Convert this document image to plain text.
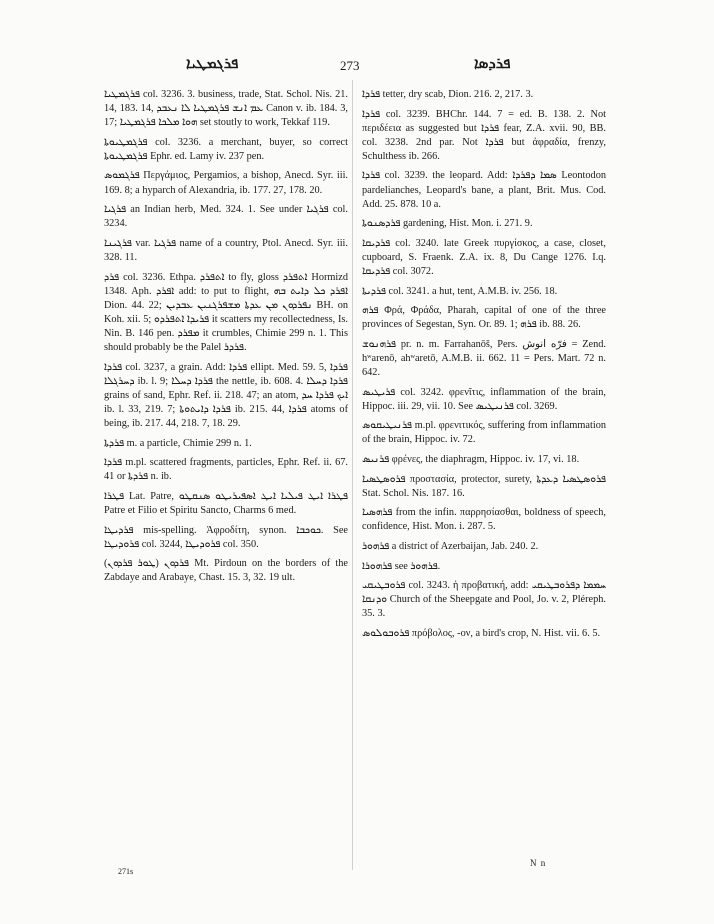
ܦܪܓܡܛܝܐ	273	ܦܪܕܣܐ

ܦܪܓܡܛܝܐ col. 3236. 3. business, trade, Stat. Schol. Nis. 21. 14, 183. 14, ܥܡ ܐܢܫ ܦܪܓܡܛܝܐ ܠܐ ܢܥܒܕ Canon v. ib. 184. 3, 17; ܗܘܐ ܡܠܟܐ ܦܪܓܡܛܝܐ set stoutly to work, Tekkaf 119.

ܦܪܓܡܛܝܘܬܐ col. 3236. a merchant, buyer, so correct ܦܪܓܡܛܝܘܬܐ Ephr. ed. Lamy iv. 237 pen.

ܦܪܓܡܘܣ Περγάμιος, Pergamios, a bishop, Anecd. Syr. iii. 169. 8; a hyparch of Alexandria, ib. 177. 27, 178. 20.

ܦܪܓܝܐ an Indian herb, Med. 324. 1. See under ܦܪܓܝܐ col. 3234.

ܦܪܓܝܢܐ var. ܦܪܓܝܐ name of a country, Ptol. Anecd. Syr. iii. 328. 11.

ܦܪܕ col. 3236. Ethpa. ܐܬܦܪܕ to fly, gloss ܐܬܦܪܕ Hormizd 1348. Aph. ܐܦܪܕ add: to put to flight, ܐܦܪܕ ܟܠ ܕܐܝܬ ܒܗ Dion. 44. 22; ܢܦܪܕܘܢ ܡܢ ܥܕܬܐ ܡܫܦܪܓܢܝܢ ܥܒܕܝܢ BH. on Koh. xii. 5; ܦܪܝܕܐ ܐܬܦܪܕܘ it scatters my recollectedness, Is. Nin. B. 146 pen. ܡܦܪܕ it crumbles, Chimie 299 n. 1. This should probably be the Palel ܦܪܕܪ.

ܦܪܕܐ col. 3237, a grain. Add: ܦܪܕܐ ellipt. Med. 59. 5, ܦܪܕܐ ܕܚܪܓܠܐ ib. l. 9; ܦܪܕܐ ܕܚܠܐ the nettle, ib. 608. 4. ܦܪܕܐ ܕܚܠܐ grains of sand, Ephr. Ref. ii. 218. 47; an atom, ܐܝܟ ܦܪܕܐ ܚܕ ib. l. 33, 219. 7; ܦܪܕܐ ܕܐܝܬܘܬܐ ib. 215. 44, ܦܪܕܐ atoms of being, ib. 217. 44, 218. 7, 18. 29.

ܦܪܕܬܐ m. a particle, Chimie 299 n. 1.

ܦܪܕܐ m.pl. scattered fragments, particles, Ephr. Ref. ii. 67. 41 or ܦܪܕܬܐ n. ib.

ܦܛܪܐ Lat. Patre, ܦܛܪܐ ܐܝܛ ܦܝܠܝܐ ܐܝܛ ܐܣܦܝܪܝܛܘ ܣܢܩܛܘ Patre et Filio et Spiritu Sancto, Charms 6 med.

ܦܪܕܝܛܐ mis-spelling. Ἀφροδίτη, synon. ܟܘܟܒܐ. See ܦܪܘܕܝܛܐ col. 3244, ܦܪܘܕܝܛܐ col. 350.

ܦܪܕܘܢ (ܛܘܪ ܦܪܕܘܢ) Mt. Pirdoun on the borders of the Zabdaye and Arabaye, Chast. 15. 3, 32. 19 ult.

ܦܪܕܐ tetter, dry scab, Dion. 216. 2, 217. 3.

ܦܪܕܐ col. 3239. BHChr. 144. 7 = ed. B. 138. 2. Not περιδέεια as suggested but ܦܪܕܐ fear, Z.A. xvii. 90, BB. col. 3238. 2nd par. Not ܦܪܕܐ but ἀφραδία, frenzy, Schulthess ib. 266.

ܦܪܕܐ col. 3239. the leopard. Add: ܣܡܐ ܕܦܪܕܐ Leontodon pardelianches, Leopard's bane, a plant, Brit. Mus. Cod. Add. 25. 878. 10 a.

ܦܪܕܣܢܘܬܐ gardening, Hist. Mon. i. 271. 9.

ܦܪܕܝܩܐ col. 3240. late Greek πυργίσκος, a case, closet, cupboard, S. Fraenk. Z.A. ix. 8, Du Cange 1276. I.q. ܦܪܕܝܩܐ col. 3072.

ܦܪܕܝܬܐ col. 3241. a hut, tent, A.M.B. iv. 256. 18.

ܦܪܗ Φρά, Φράδα, Pharah, capital of one of the three provinces of Segestan, Syn. Or. 89. 1; ܦܪܗ ib. 88. 26.

ܦܪܗܢܘܫ pr. n. m. Farrahanōš, Pers. فرّه انوش = Zend. hʷarenō, ahʷaretō, A.M.B. ii. 662. 11 = Pers. Mart. 72 n. 642.

ܦܪܝܛܝܣ col. 3242. φρενῖτις, inflammation of the brain, Hippoc. iii. 29, vii. 10. See ܦܪܢܝܛܝܣ col. 3269.

ܦܪܢܝܛܝܩܘܣ m.pl. φρενιτικός, suffering from inflammation of the brain, Hippoc. iv. 72.

ܦܪܢܝܣ φρένες, the diaphragm, Hippoc. iv. 17, vi. 18.

ܦܪܘܣܛܣܝܐ προστασία, protector, surety, ܦܪܘܣܛܣܝܐ ܕܥܕܬܐ Stat. Schol. Nis. 187. 16.

ܦܪܗܣܝܐ from the infin. παρρησίασθαι, boldness of speech, confidence, Hist. Mon. i. 287. 5.

ܦܪܗܘܪ a district of Azerbaijan, Jab. 240. 2.

ܦܪܗܘܪܐ see ܦܪܗܘܪ.

ܦܪܘܒܛܝܩܝ col. 3243. ἡ προβατική, add: ܚܡܡܐ ܕܦܪܘܒܛܝܩܝ ܘܕܢܩܐ Church of the Sheepgate and Pool, Jo. v. 2, Pléreph. 35. 3.

ܦܪܘܒܘܠܘܣ πρόβολος, -ον, a bird's crop, N. Hist. vii. 6. 5.

271s
N n
